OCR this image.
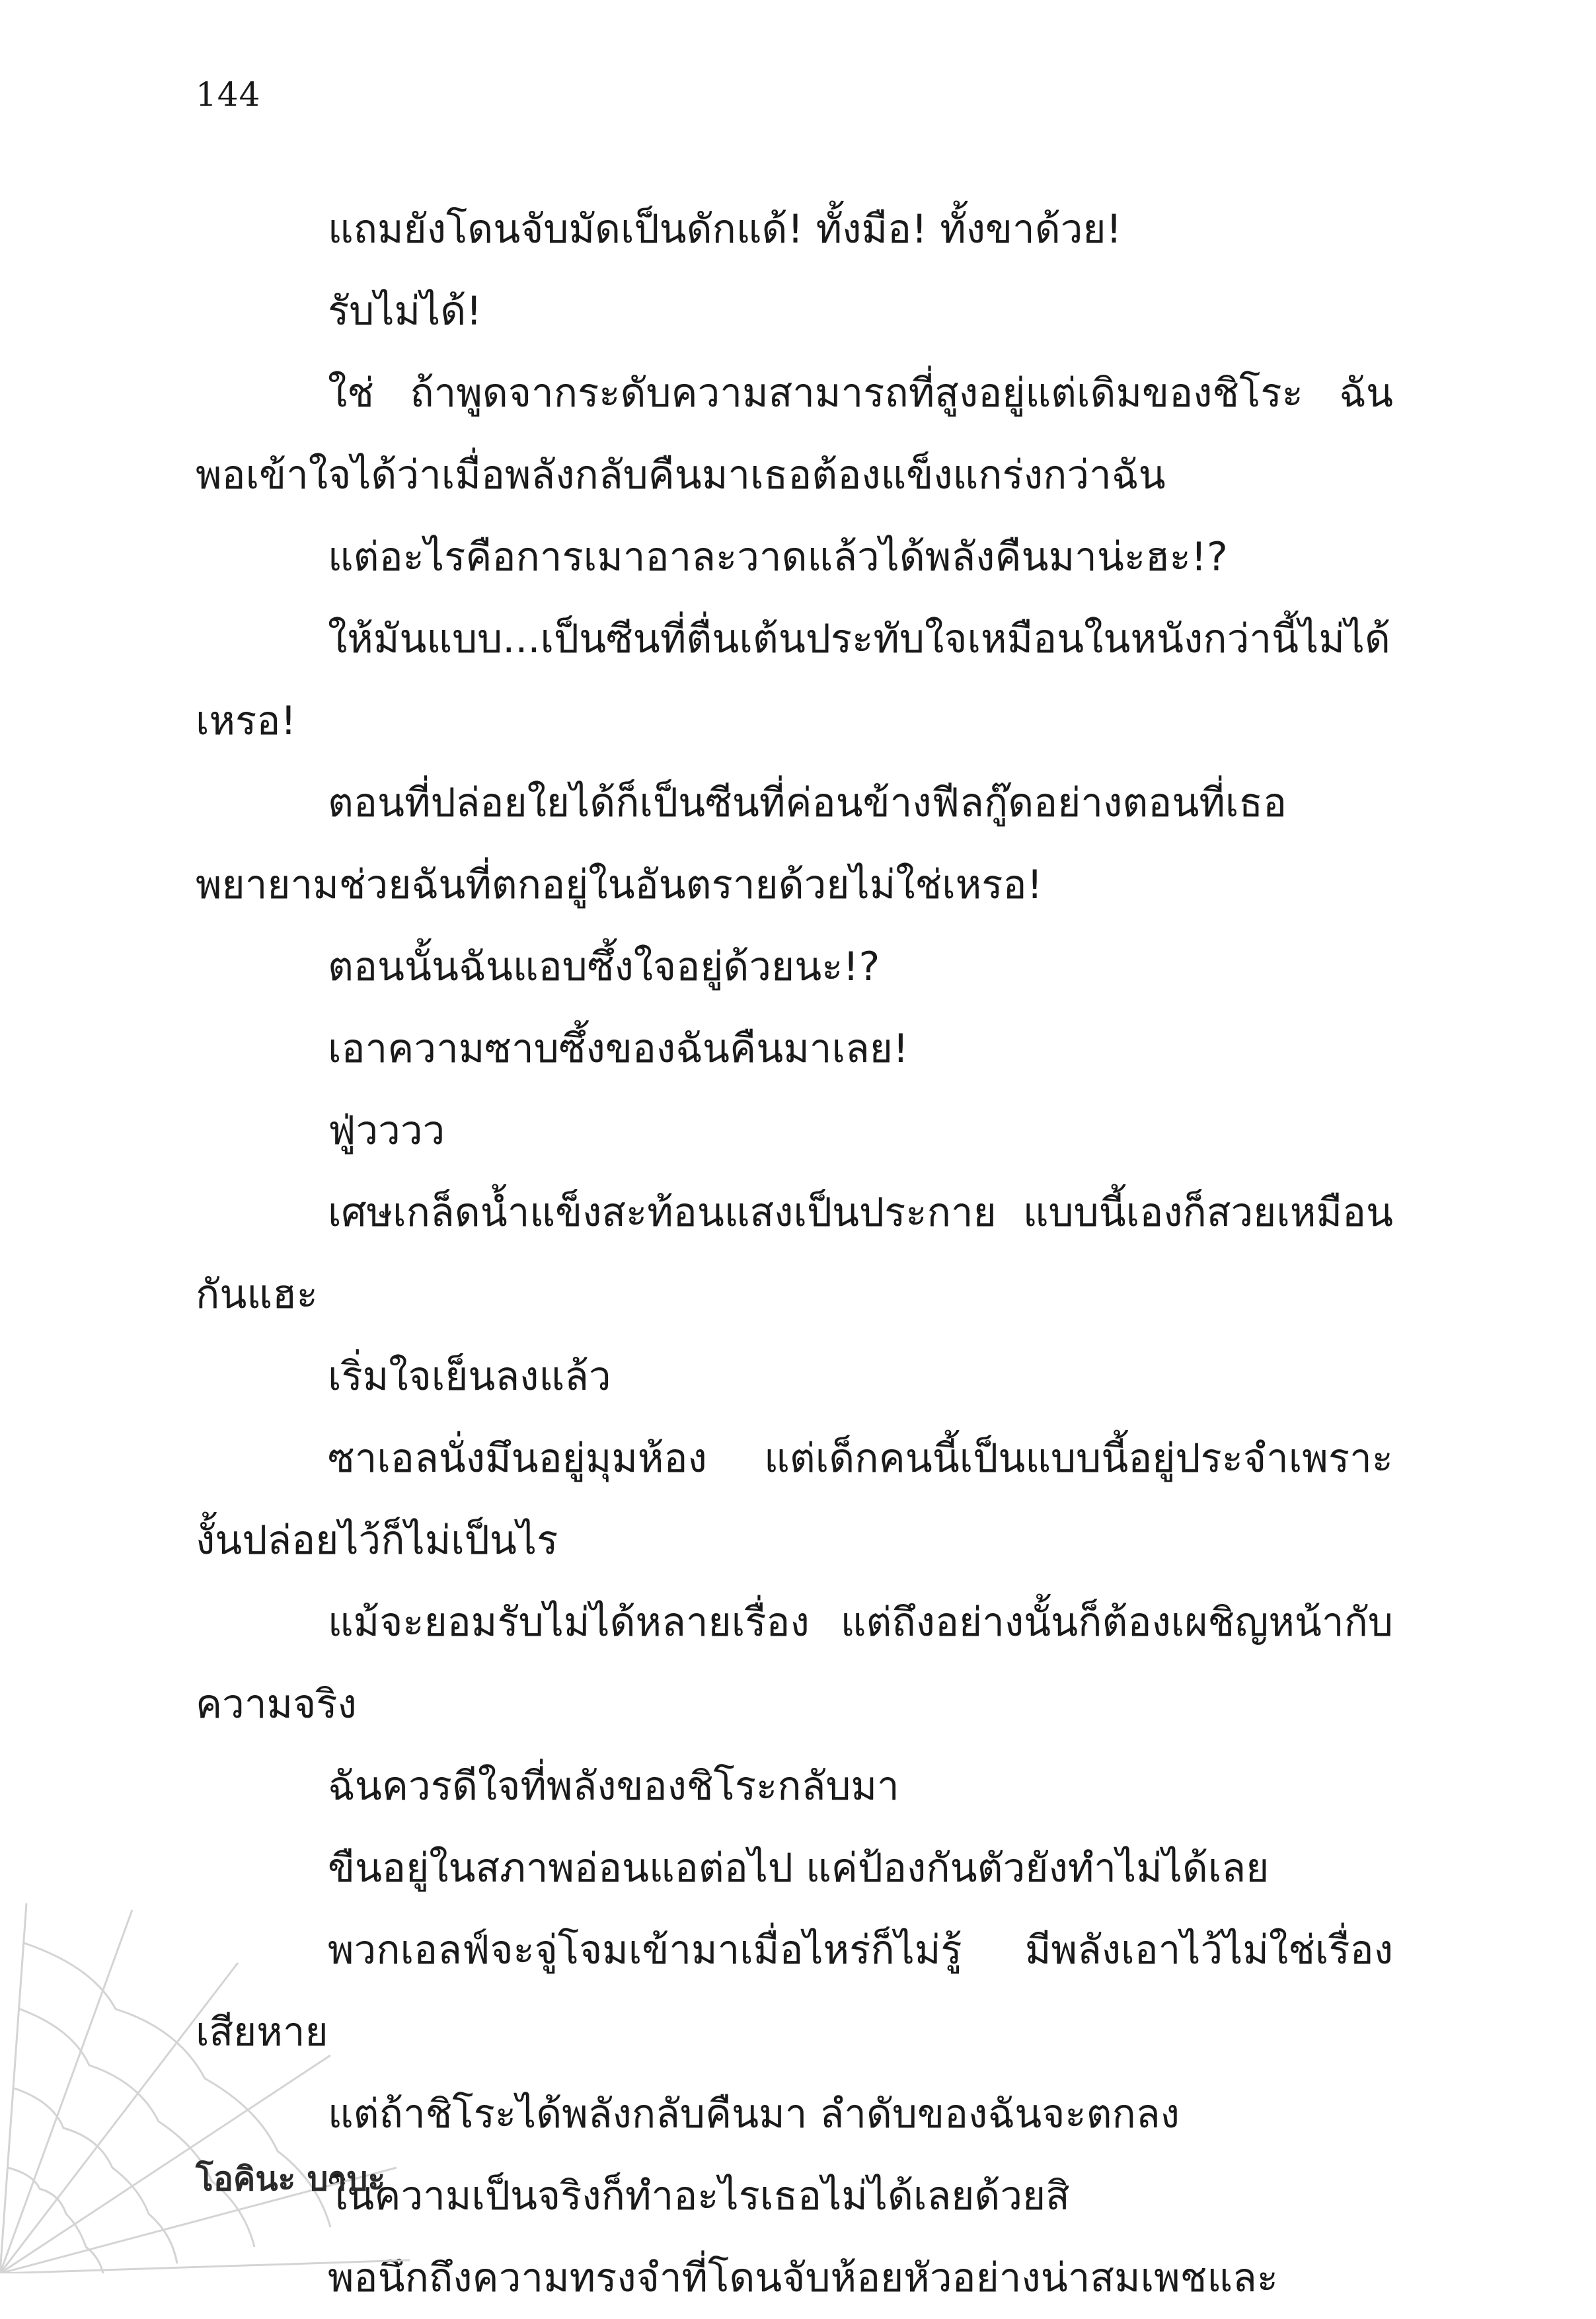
144

แถมยังโดนจับมัดเป็นดักแด้! ทั้งมือ! ทั้งขาด้วย!

รับไม่ได้!

ใช่ ถ้าพูดจากระดับความสามารถที่สูงอยู่แต่เดิมของชิโระ ฉันพอเข้าใจได้ว่าเมื่อพลังกลับคืนมาเธอต้องแข็งแกร่งกว่าฉัน

แต่อะไรคือการเมาอาละวาดแล้วได้พลังคืนมาน่ะฮะ!?

ให้มันแบบ...เป็นซีนที่ตื่นเต้นประทับใจเหมือนในหนังกว่านี้ไม่ได้เหรอ!

ตอนที่ปล่อยใยได้ก็เป็นซีนที่ค่อนข้างฟีลกู๊ดอย่างตอนที่เธอพยายามช่วยฉันที่ตกอยู่ในอันตรายด้วยไม่ใช่เหรอ!

ตอนนั้นฉันแอบซึ้งใจอยู่ด้วยนะ!?

เอาความซาบซึ้งของฉันคืนมาเลย!

ฟู่วววว

เศษเกล็ดน้ำแข็งสะท้อนแสงเป็นประกาย แบบนี้เองก็สวยเหมือนกันแฮะ

เริ่มใจเย็นลงแล้ว

ซาเอลนั่งมึนอยู่มุมห้อง แต่เด็กคนนี้เป็นแบบนี้อยู่ประจำเพราะงั้นปล่อยไว้ก็ไม่เป็นไร

แม้จะยอมรับไม่ได้หลายเรื่อง แต่ถึงอย่างนั้นก็ต้องเผชิญหน้ากับความจริง

ฉันควรดีใจที่พลังของชิโระกลับมา

ขืนอยู่ในสภาพอ่อนแอต่อไป แค่ป้องกันตัวยังทำไม่ได้เลย

พวกเอลฟ์จะจู่โจมเข้ามาเมื่อไหร่ก็ไม่รู้ มีพลังเอาไว้ไม่ใช่เรื่องเสียหาย

แต่ถ้าชิโระได้พลังกลับคืนมา ลำดับของฉันจะตกลง

ในความเป็นจริงก็ทำอะไรเธอไม่ได้เลยด้วยสิ

พอนึกถึงความทรงจำที่โดนจับห้อยหัวอย่างน่าสมเพชและ

โอคินะ บาบะ
